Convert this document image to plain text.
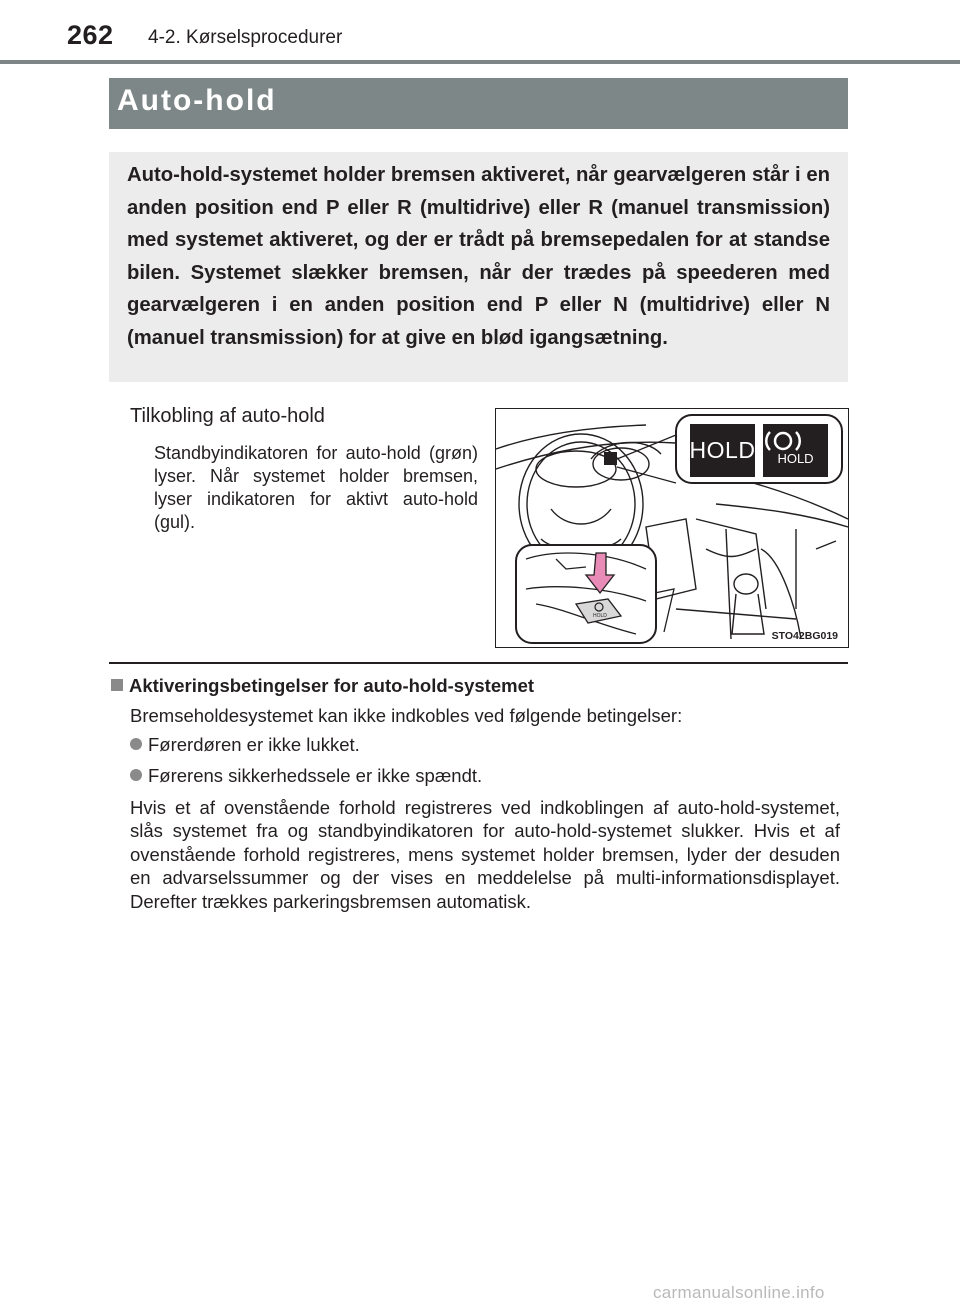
262 4-2. Kørselsprocedurer
Auto-hold
Auto-hold-systemet holder bremsen aktiveret, når gearvælgeren står i en anden position end P eller R (multidrive) eller R (manuel transmission) med systemet aktiveret, og der er trådt på bremsepedalen for at standse bilen. Systemet slækker bremsen, når der trædes på speederen med gearvælgeren i en anden position end P eller N (multidrive) eller N (manuel transmission) for at give en blød igangsætning.
Tilkobling af auto-hold
Standbyindikatoren for auto-hold (grøn) lyser. Når systemet holder bremsen, lyser indikatoren for aktivt auto-hold (gul).
HOLD	HOLD
HOLD
STO42BG019
Aktiveringsbetingelser for auto-hold-systemet
Bremseholdesystemet kan ikke indkobles ved følgende betingelser:
Førerdøren er ikke lukket.
Førerens sikkerhedssele er ikke spændt.
Hvis et af ovenstående forhold registreres ved indkoblingen af auto-hold-systemet, slås systemet fra og standbyindikatoren for auto-hold-systemet slukker. Hvis et af ovenstående forhold registreres, mens systemet holder bremsen, lyder der desuden en advarselssummer og der vises en meddelelse på multi-informationsdisplayet. Derefter trækkes parkeringsbremsen automatisk.
carmanualsonline.info
